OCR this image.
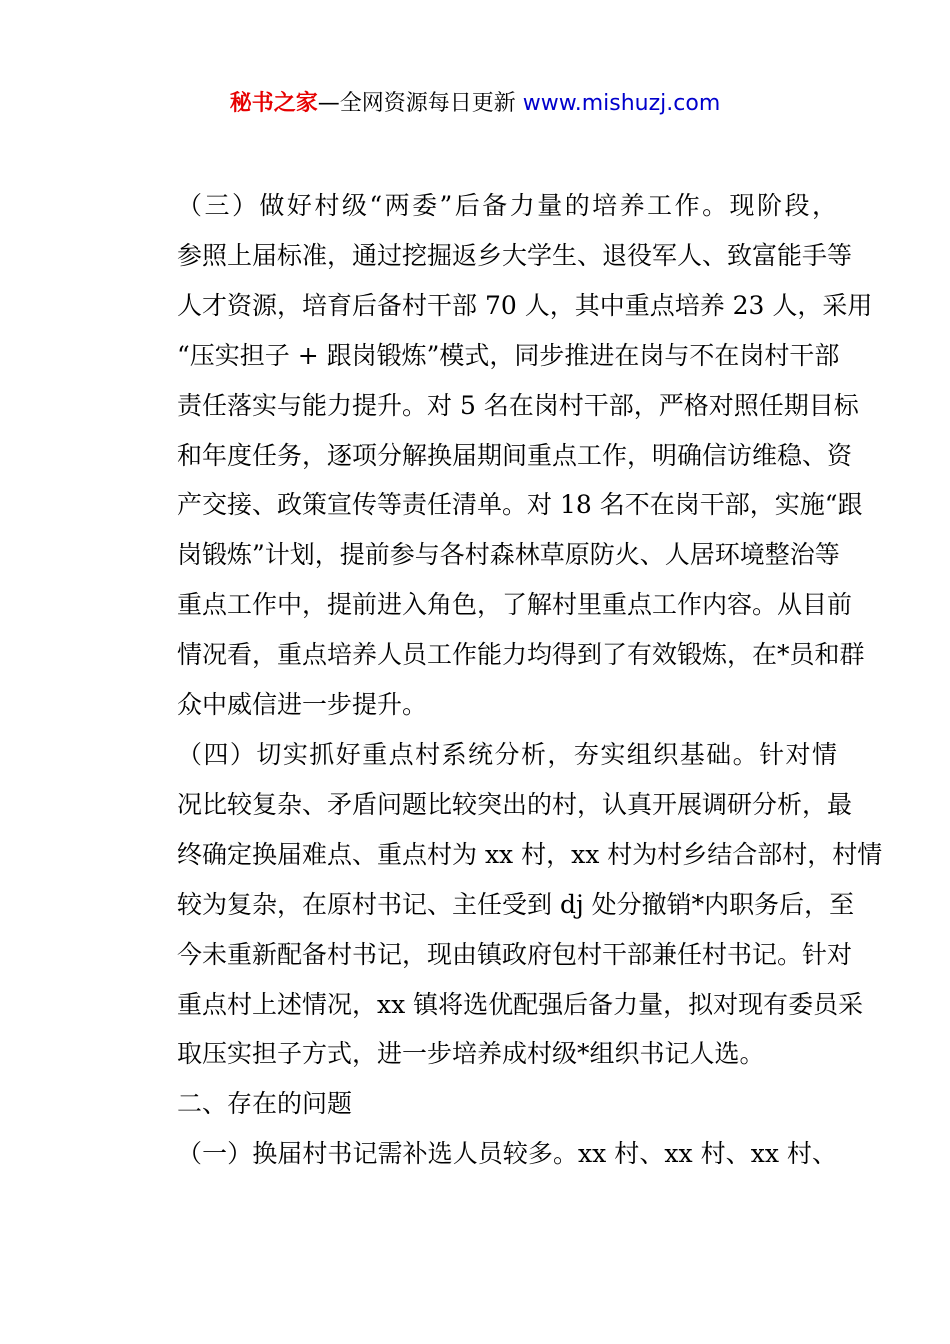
秘书之家—全网资源每日更新 www.mishuzj.com
（三）做好村级“两委”后备力量的培养工作。现阶段，
参照上届标准，通过挖掘返乡大学生、退役军人、致富能手等
人才资源，培育后备村干部 70 人，其中重点培养 23 人，采用
“压实担子 + 跟岗锻炼”模式，同步推进在岗与不在岗村干部
责任落实与能力提升。对 5 名在岗村干部，严格对照任期目标
和年度任务，逐项分解换届期间重点工作，明确信访维稳、资
产交接、政策宣传等责任清单。对 18 名不在岗干部，实施“跟
岗锻炼”计划，提前参与各村森林草原防火、人居环境整治等
重点工作中，提前进入角色，了解村里重点工作内容。从目前
情况看，重点培养人员工作能力均得到了有效锻炼，在*员和群
众中威信进一步提升。
（四）切实抓好重点村系统分析，夯实组织基础。针对情
况比较复杂、矛盾问题比较突出的村，认真开展调研分析，最
终确定换届难点、重点村为 xx 村，xx 村为村乡结合部村，村情
较为复杂，在原村书记、主任受到 dj 处分撤销*内职务后，至
今未重新配备村书记，现由镇政府包村干部兼任村书记。针对
重点村上述情况，xx 镇将选优配强后备力量，拟对现有委员采
取压实担子方式，进一步培养成村级*组织书记人选。
二、存在的问题
（一）换届村书记需补选人员较多。xx 村、xx 村、xx 村、
